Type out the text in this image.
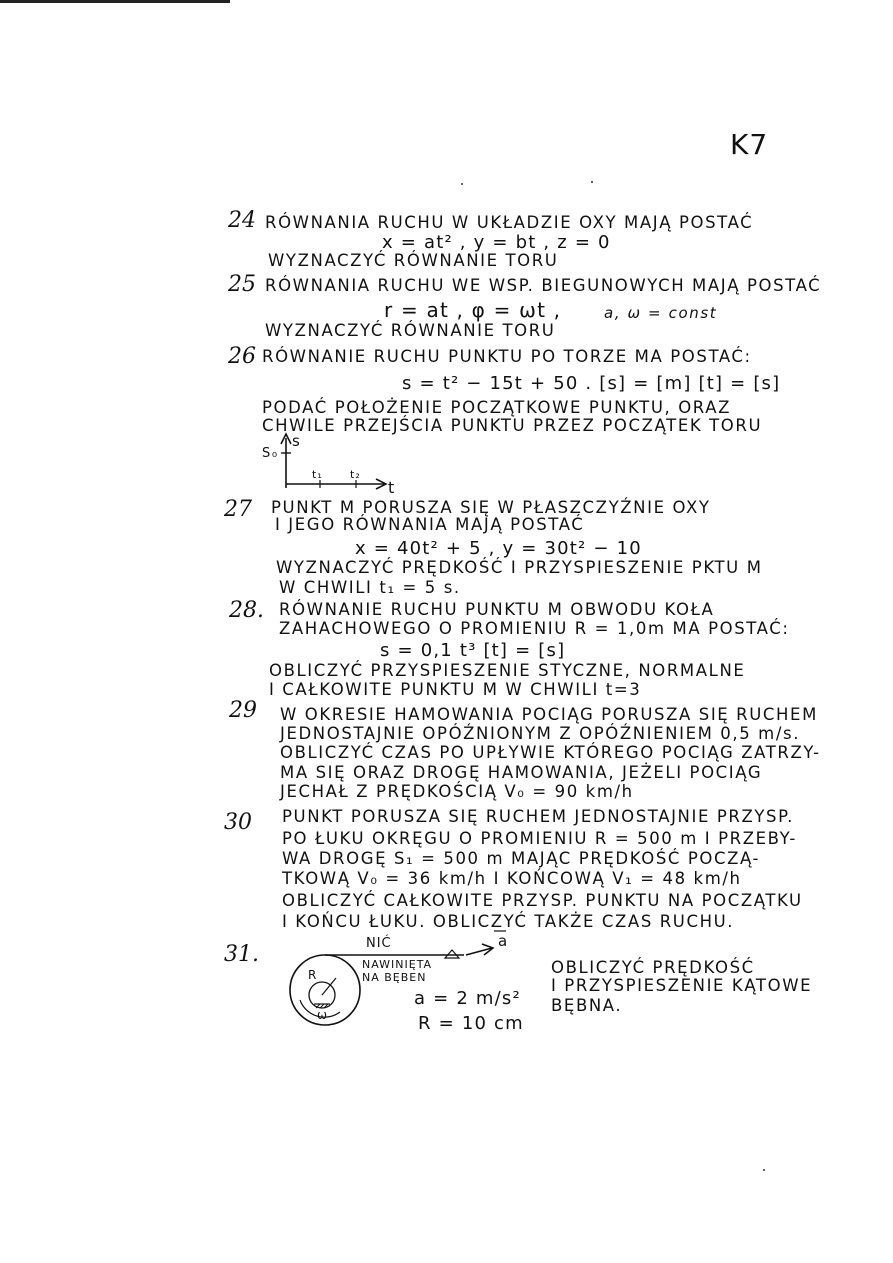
K7
24 RÓWNANIA RUCHU W UKŁADZIE OXY MAJĄ POSTAĆ
x = at² , y = bt , z = 0
WYZNACZYĆ RÓWNANIE TORU
25 RÓWNANIA RUCHU WE WSP. BIEGUNOWYCH MAJĄ POSTAĆ
r = at , φ = ωt ,	a, ω = const
WYZNACZYĆ RÓWNANIE TORU
26 RÓWNANIE RUCHU PUNKTU PO TORZE MA POSTAĆ:
s = t² − 15t + 50 . [s] = [m] [t] = [s]
PODAĆ POŁOŻENIE POCZĄTKOWE PUNKTU, ORAZ
CHWILE PRZEJŚCIA PUNKTU PRZEZ POCZĄTEK TORU
s
S₀
t₁ t₂
t
27 PUNKT M PORUSZA SIĘ W PŁASZCZYŹNIE OXY
I JEGO RÓWNANIA MAJĄ POSTAĆ
x = 40t² + 5 , y = 30t² − 10
WYZNACZYĆ PRĘDKOŚĆ I PRZYSPIESZENIE PKTU M
W CHWILI t₁ = 5 s.
28. RÓWNANIE RUCHU PUNKTU M OBWODU KOŁA
ZAHACHOWEGO O PROMIENIU R = 1,0m MA POSTAĆ:
s = 0,1 t³ [t] = [s]
OBLICZYĆ PRZYSPIESZENIE STYCZNE, NORMALNE
I CAŁKOWITE PUNKTU M W CHWILI t=3
29 W OKRESIE HAMOWANIA POCIĄG PORUSZA SIĘ RUCHEM
JEDNOSTAJNIE OPÓŹNIONYM Z OPÓŹNIENIEM 0,5 m/s.
OBLICZYĆ CZAS PO UPŁYWIE KTÓREGO POCIĄG ZATRZY-
MA SIĘ ORAZ DROGĘ HAMOWANIA, JEŻELI POCIĄG
JECHAŁ Z PRĘDKOŚCIĄ V₀ = 90 km/h
30 PUNKT PORUSZA SIĘ RUCHEM JEDNOSTAJNIE PRZYSP.
PO ŁUKU OKRĘGU O PROMIENIU R = 500 m I PRZEBY-
WA DROGĘ S₁ = 500 m MAJĄC PRĘDKOŚĆ POCZĄ-
TKOWĄ V₀ = 36 km/h I KOŃCOWĄ V₁ = 48 km/h
OBLICZYĆ CAŁKOWITE PRZYSP. PUNKTU NA POCZĄTKU
I KOŃCU ŁUKU. OBLICZYĆ TAKŻE CZAS RUCHU.
31.	NIĆ	a
NAWINIĘTA
NA BĘBEN
R
ω
a = 2 m/s²
R = 10 cm
OBLICZYĆ PRĘDKOŚĆ
I PRZYSPIESZENIE KĄTOWE
BĘBNA.
